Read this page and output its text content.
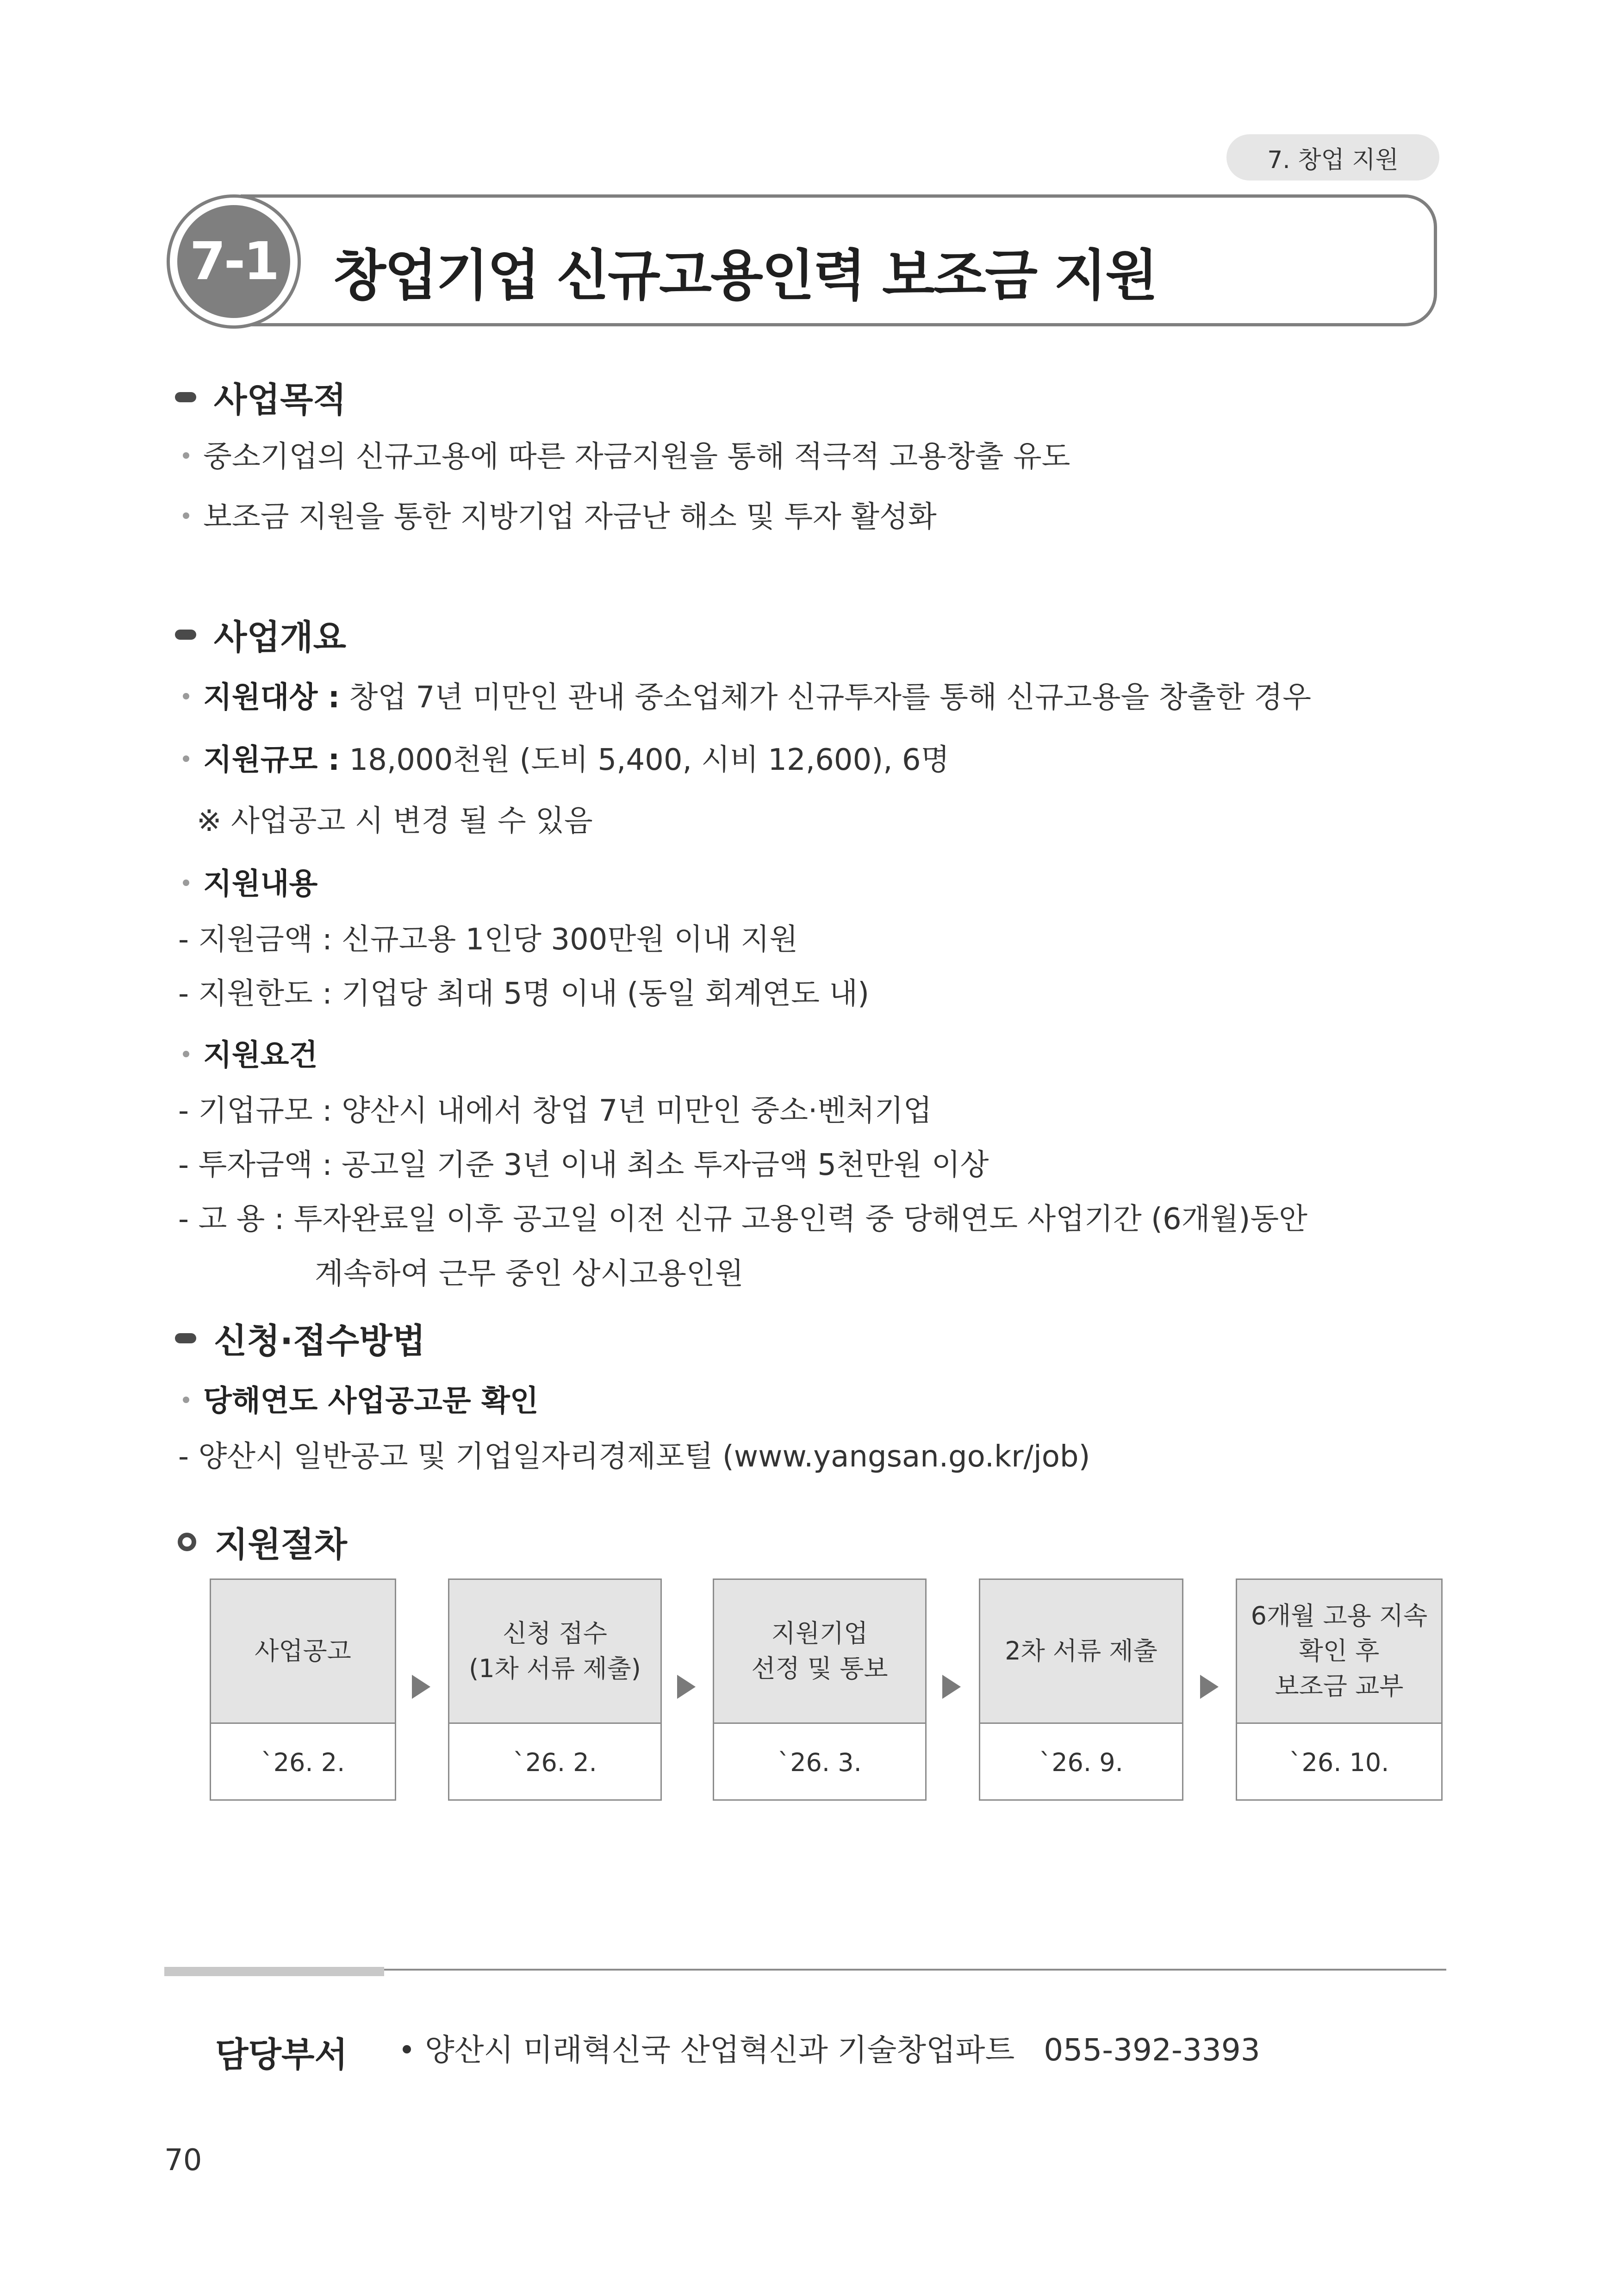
7. 창업 지원
7-1 창업기업 신규고용인력 보조금 지원
사업목적
중소기업의 신규고용에 따른 자금지원을 통해 적극적 고용창출 유도
보조금 지원을 통한 지방기업 자금난 해소 및 투자 활성화
사업개요
지원대상 : 창업 7년 미만인 관내 중소업체가 신규투자를 통해 신규고용을 창출한 경우
지원규모 : 18,000천원 (도비 5,400, 시비 12,600), 6명
※ 사업공고 시 변경 될 수 있음
지원내용
- 지원금액 : 신규고용 1인당 300만원 이내 지원
- 지원한도 : 기업당 최대 5명 이내 (동일 회계연도 내)
지원요건
- 기업규모 : 양산시 내에서 창업 7년 미만인 중소·벤처기업
- 투자금액 : 공고일 기준 3년 이내 최소 투자금액 5천만원 이상
- 고 용 : 투자완료일 이후 공고일 이전 신규 고용인력 중 당해연도 사업기간 (6개월)동안
계속하여 근무 중인 상시고용인원
신청·접수방법
당해연도 사업공고문 확인
- 양산시 일반공고 및 기업일자리경제포털 (www.yangsan.go.kr/job)
지원절차
사업공고
`26. 2.
신청 접수
(1차 서류 제출)
`26. 2.
지원기업
선정 및 통보
`26. 3.
2차 서류 제출
`26. 9.
6개월 고용 지속
확인 후
보조금 교부
`26. 10.
담당부서	양산시 미래혁신국 산업혁신과 기술창업파트   055-392-3393
70
